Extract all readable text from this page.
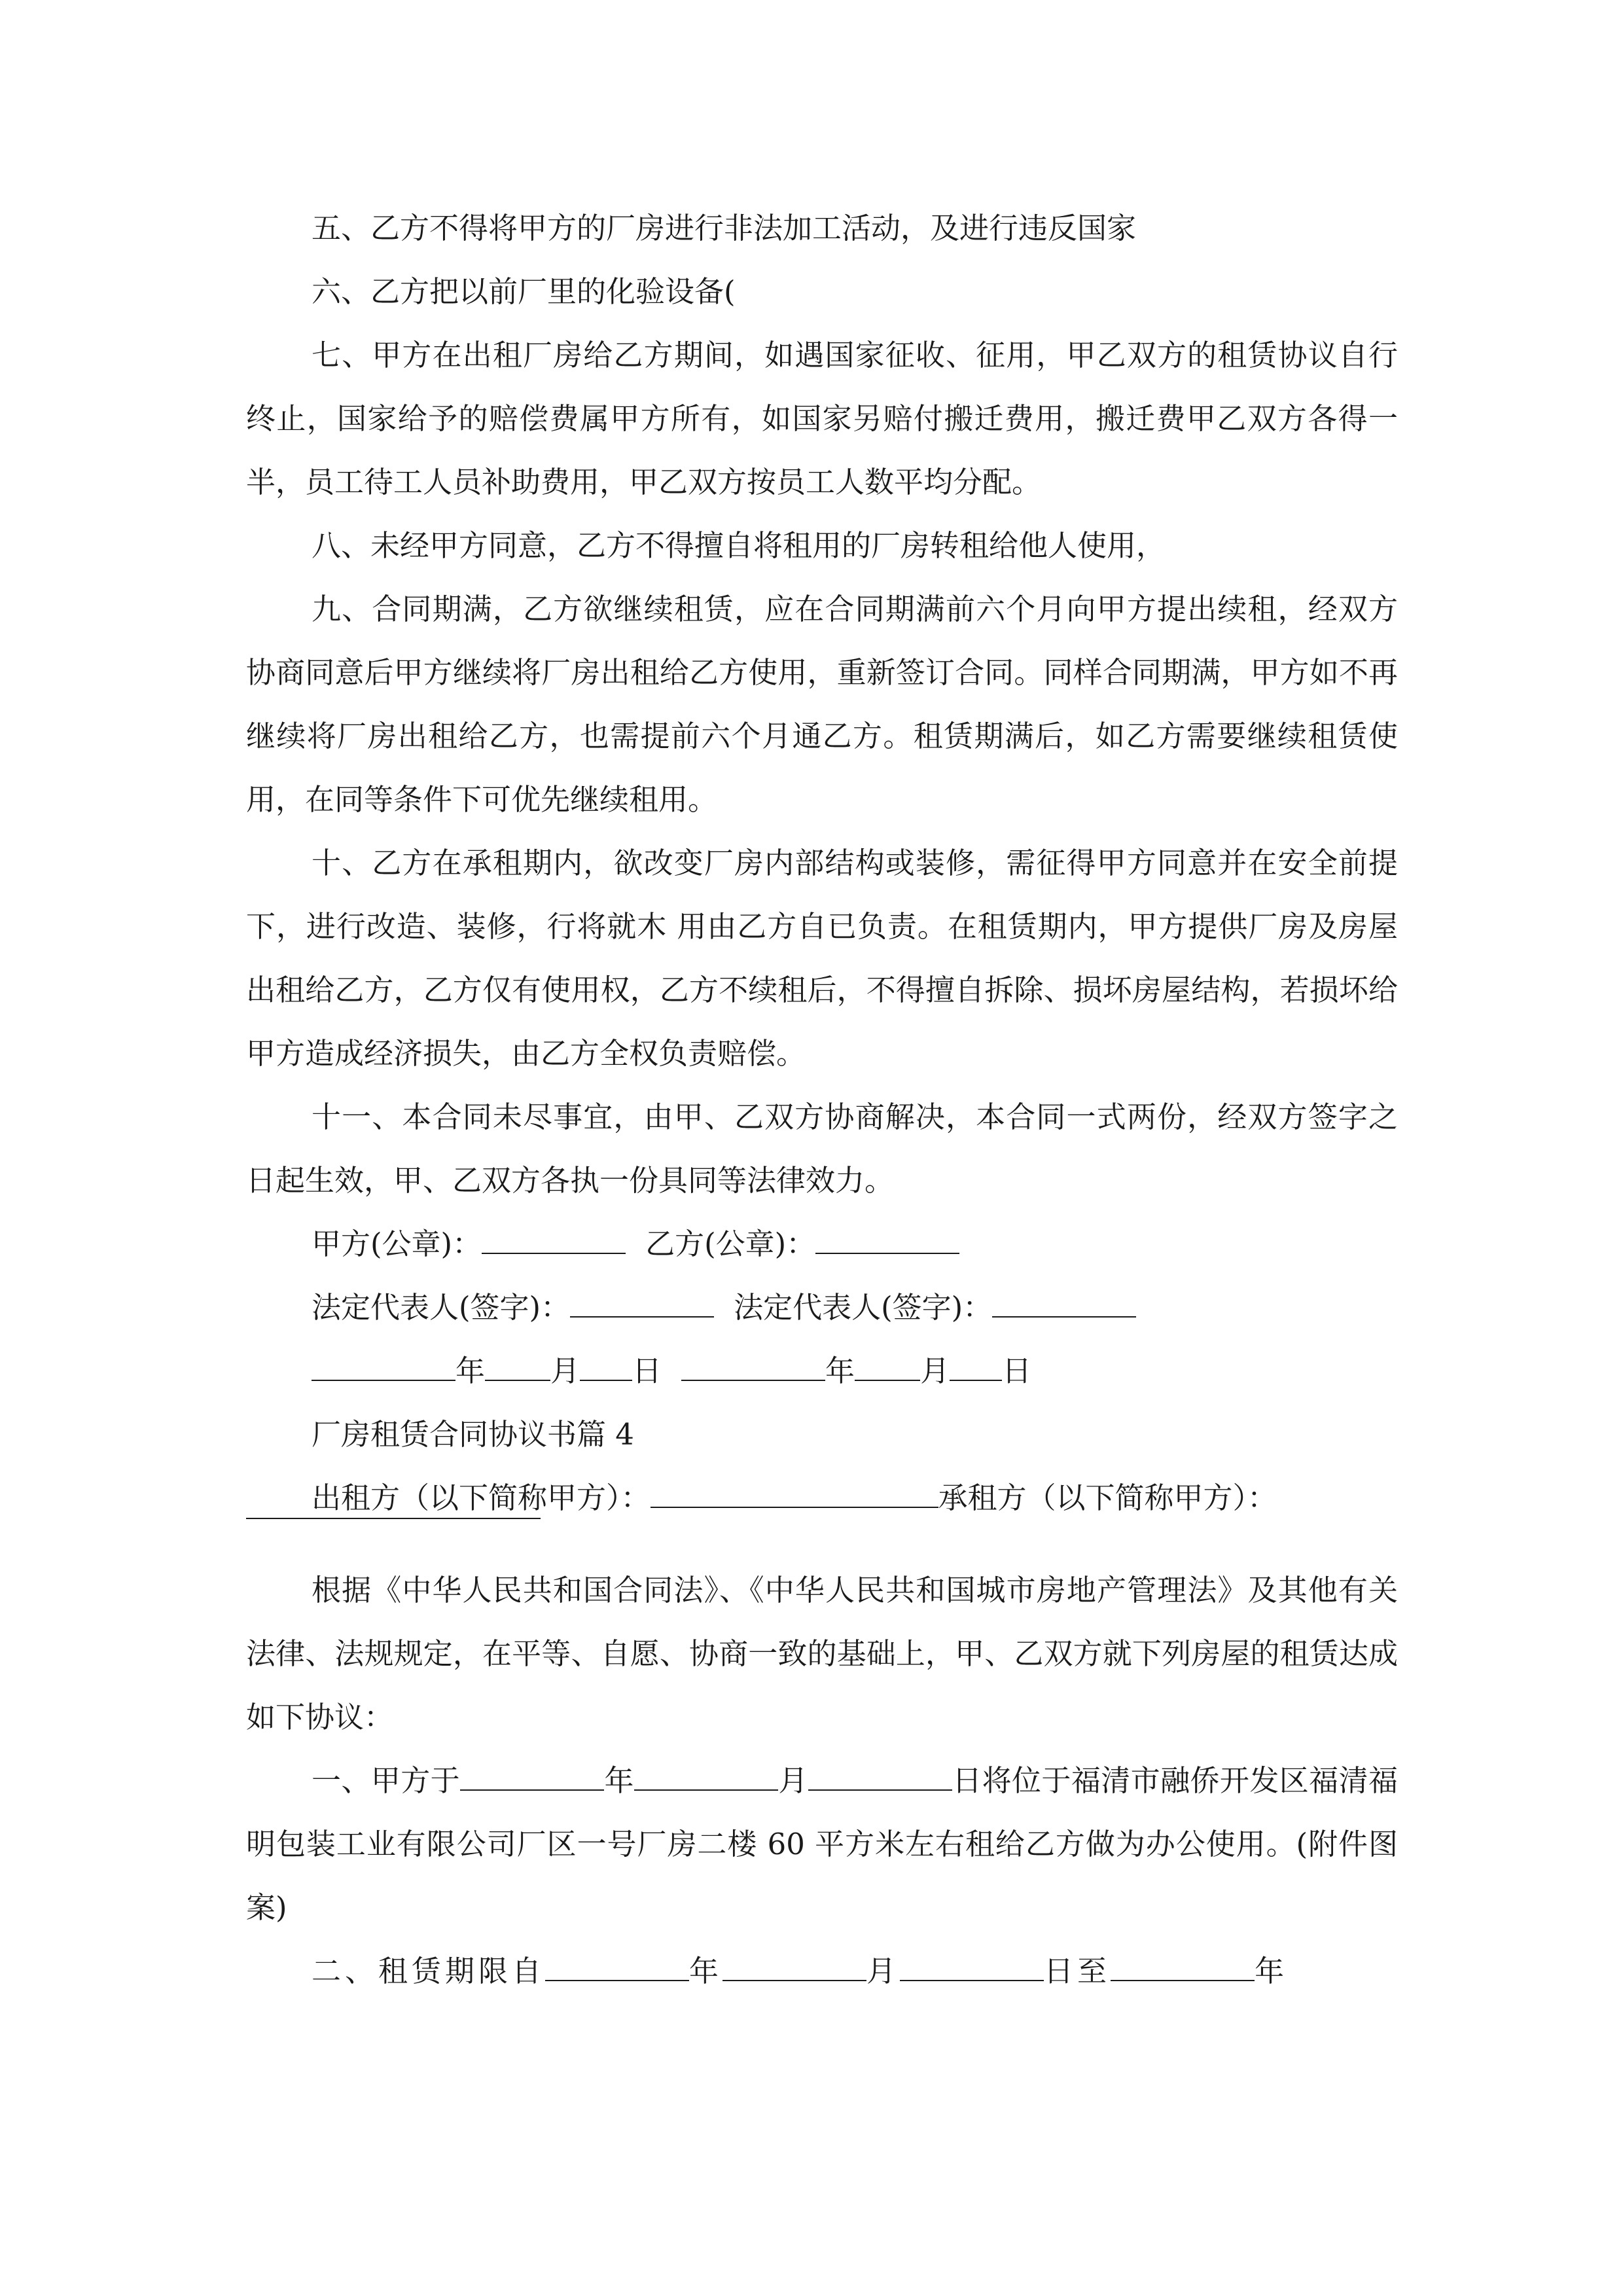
五、乙方不得将甲方的厂房进行非法加工活动，及进行违反国家

六、乙方把以前厂里的化验设备(

七、甲方在出租厂房给乙方期间，如遇国家征收、征用，甲乙双方的租赁协议自行终止，国家给予的赔偿费属甲方所有，如国家另赔付搬迁费用，搬迁费甲乙双方各得一半，员工待工人员补助费用，甲乙双方按员工人数平均分配。

八、未经甲方同意，乙方不得擅自将租用的厂房转租给他人使用，

九、合同期满，乙方欲继续租赁，应在合同期满前六个月向甲方提出续租，经双方协商同意后甲方继续将厂房出租给乙方使用，重新签订合同。同样合同期满，甲方如不再继续将厂房出租给乙方，也需提前六个月通乙方。租赁期满后，如乙方需要继续租赁使用，在同等条件下可优先继续租用。

十、乙方在承租期内，欲改变厂房内部结构或装修，需征得甲方同意并在安全前提下，进行改造、装修，行将就木 用由乙方自已负责。在租赁期内，甲方提供厂房及房屋出租给乙方，乙方仅有使用权，乙方不续租后，不得擅自拆除、损坏房屋结构，若损坏给甲方造成经济损失，由乙方全权负责赔偿。

十一、本合同未尽事宜，由甲、乙双方协商解决，本合同一式两份，经双方签字之日起生效，甲、乙双方各执一份具同等法律效力。

甲方(公章)：	乙方(公章)：

法定代表人(签字)：	法定代表人(签字)：

年 月 日	年 月 日

厂房租赁合同协议书篇 4

出租方（以下简称甲方）：	承租方（以下简称甲方）：

根据《中华人民共和国合同法》、《中华人民共和国城市房地产管理法》及其他有关法律、法规规定，在平等、自愿、协商一致的基础上，甲、乙双方就下列房屋的租赁达成如下协议：

一、甲方于	年	月	日将位于福清市融侨开发区福清福明包装工业有限公司厂区一号厂房二楼 60 平方米左右租给乙方做为办公使用。(附件图案)

二、租赁期限自	年	月	日至	年
